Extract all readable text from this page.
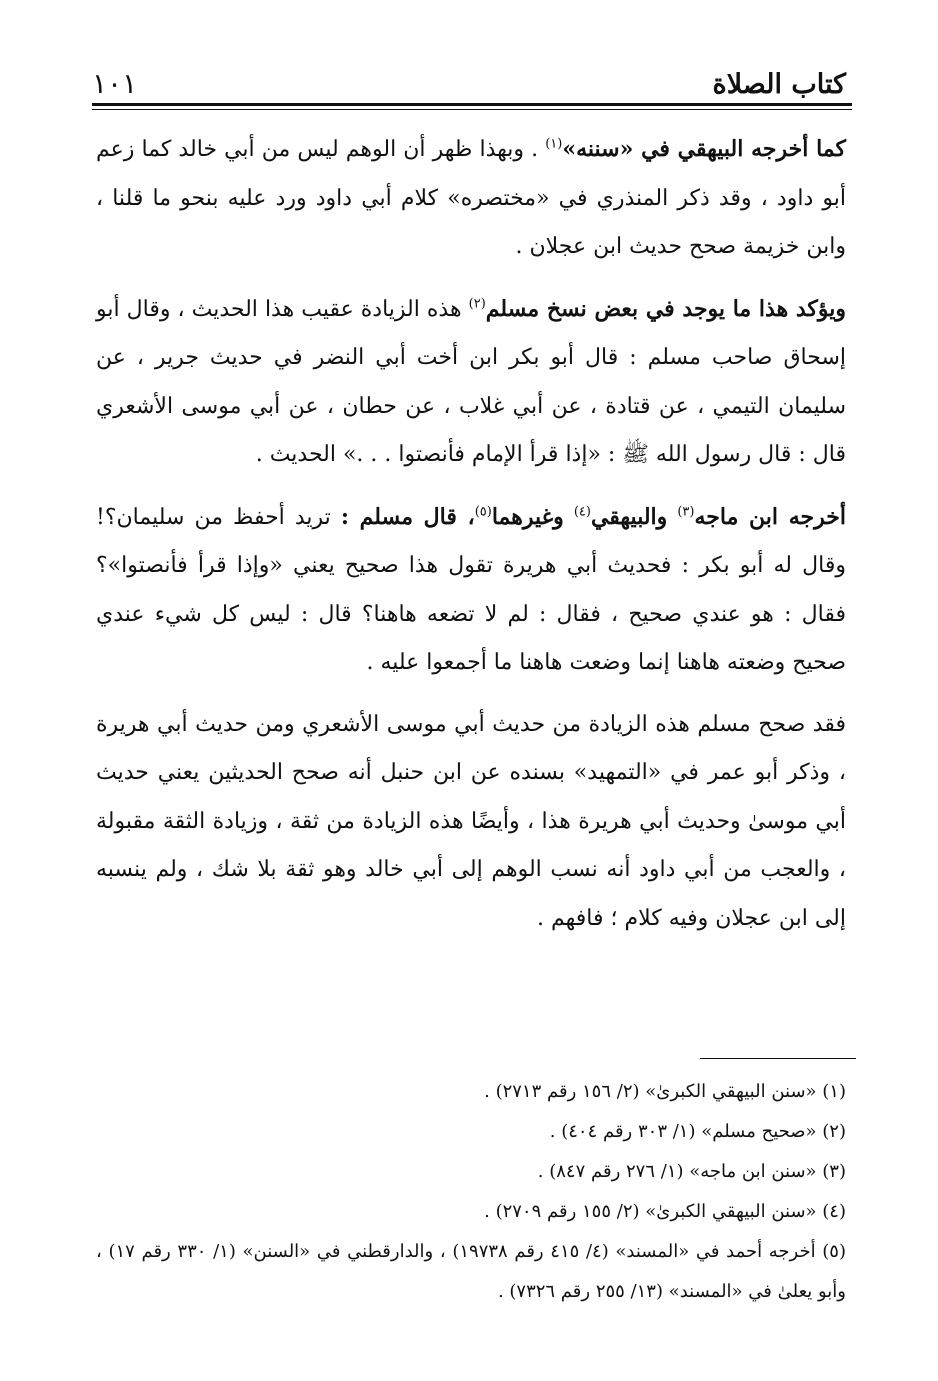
كتاب الصلاة
١٠١

كما أخرجه البيهقي في «سننه»$^{(١)}$ . وبهذا ظهر أن الوهم ليس من أبي خالد كما زعم أبو داود ، وقد ذكر المنذري في «مختصره» كلام أبي داود ورد عليه بنحو ما قلنا ، وابن خزيمة صحح حديث ابن عجلان .

ويؤكد هذا ما يوجد في بعض نسخ مسلم$^{(٢)}$ هذه الزيادة عقيب هذا الحديث ، وقال أبو إسحاق صاحب مسلم : قال أبو بكر ابن أخت أبي النضر في حديث جرير ، عن سليمان التيمي ، عن قتادة ، عن أبي غلاب ، عن حطان ، عن أبي موسى الأشعري قال : قال رسول الله ﷺ : «إذا قرأ الإمام فأنصتوا . . .» الحديث .

أخرجه ابن ماجه$^{(٣)}$ والبيهقي$^{(٤)}$ وغيرهما$^{(٥)}$، قال مسلم : تريد أحفظ من سليمان؟! وقال له أبو بكر : فحديث أبي هريرة تقول هذا صحيح يعني «وإذا قرأ فأنصتوا»؟ فقال : هو عندي صحيح ، فقال : لم لا تضعه هاهنا؟ قال : ليس كل شيء عندي صحيح وضعته هاهنا إنما وضعت هاهنا ما أجمعوا عليه .

فقد صحح مسلم هذه الزيادة من حديث أبي موسى الأشعري ومن حديث أبي هريرة ، وذكر أبو عمر في «التمهيد» بسنده عن ابن حنبل أنه صحح الحديثين يعني حديث أبي موسىٰ وحديث أبي هريرة هذا ، وأيضًا هذه الزيادة من ثقة ، وزيادة الثقة مقبولة ، والعجب من أبي داود أنه نسب الوهم إلى أبي خالد وهو ثقة بلا شك ، ولم ينسبه إلى ابن عجلان وفيه كلام ؛ فافهم .

(١) «سنن البيهقي الكبرىٰ» (٢/ ١٥٦ رقم ٢٧١٣) .

(٢) «صحيح مسلم» (١/ ٣٠٣ رقم ٤٠٤) .

(٣) «سنن ابن ماجه» (١/ ٢٧٦ رقم ٨٤٧) .

(٤) «سنن البيهقي الكبرىٰ» (٢/ ١٥٥ رقم ٢٧٠٩) .

(٥) أخرجه أحمد في «المسند» (٤/ ٤١٥ رقم ١٩٧٣٨) ، والدارقطني في «السنن» (١/ ٣٣٠ رقم ١٧) ، وأبو يعلىٰ في «المسند» (١٣/ ٢٥٥ رقم ٧٣٢٦) .
